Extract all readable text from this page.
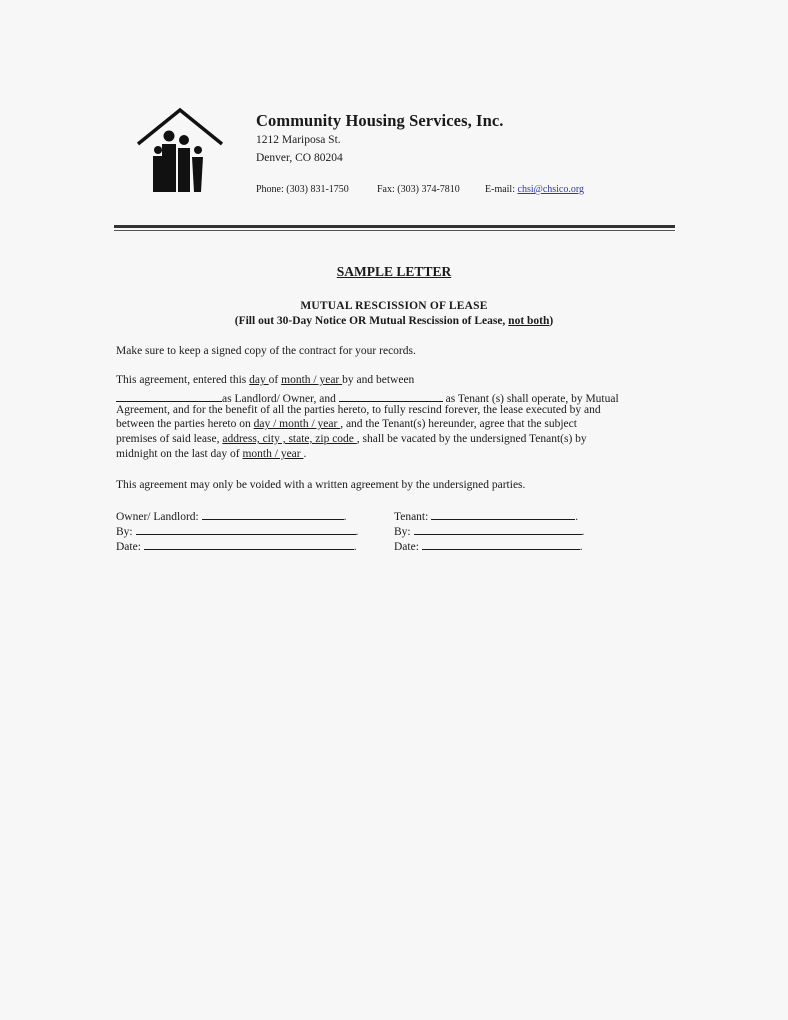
Community Housing Services, Inc.
1212 Mariposa St.
Denver, CO 80204
Phone: (303) 831-1750	Fax: (303) 374-7810	E-mail: chsi@chsico.org
SAMPLE LETTER
MUTUAL RESCISSION OF LEASE
(Fill out 30-Day Notice OR Mutual Rescission of Lease, not both)
Make sure to keep a signed copy of the contract for your records.
This agreement, entered this day of month / year by and between
as Landlord/ Owner, and	as Tenant (s) shall operate, by Mutual
Agreement, and for the benefit of all the parties hereto, to fully rescind forever, the lease executed by and
between the parties hereto on day / month / year , and the Tenant(s) hereunder, agree that the subject
premises of said lease, address, city , state, zip code , shall be vacated by the undersigned Tenant(s) by
midnight on the last day of month / year .
This agreement may only be voided with a written agreement by the undersigned parties.
Owner/ Landlord:	.
By:	.
Date:	.
Tenant:	.
By:	.
Date:	.
